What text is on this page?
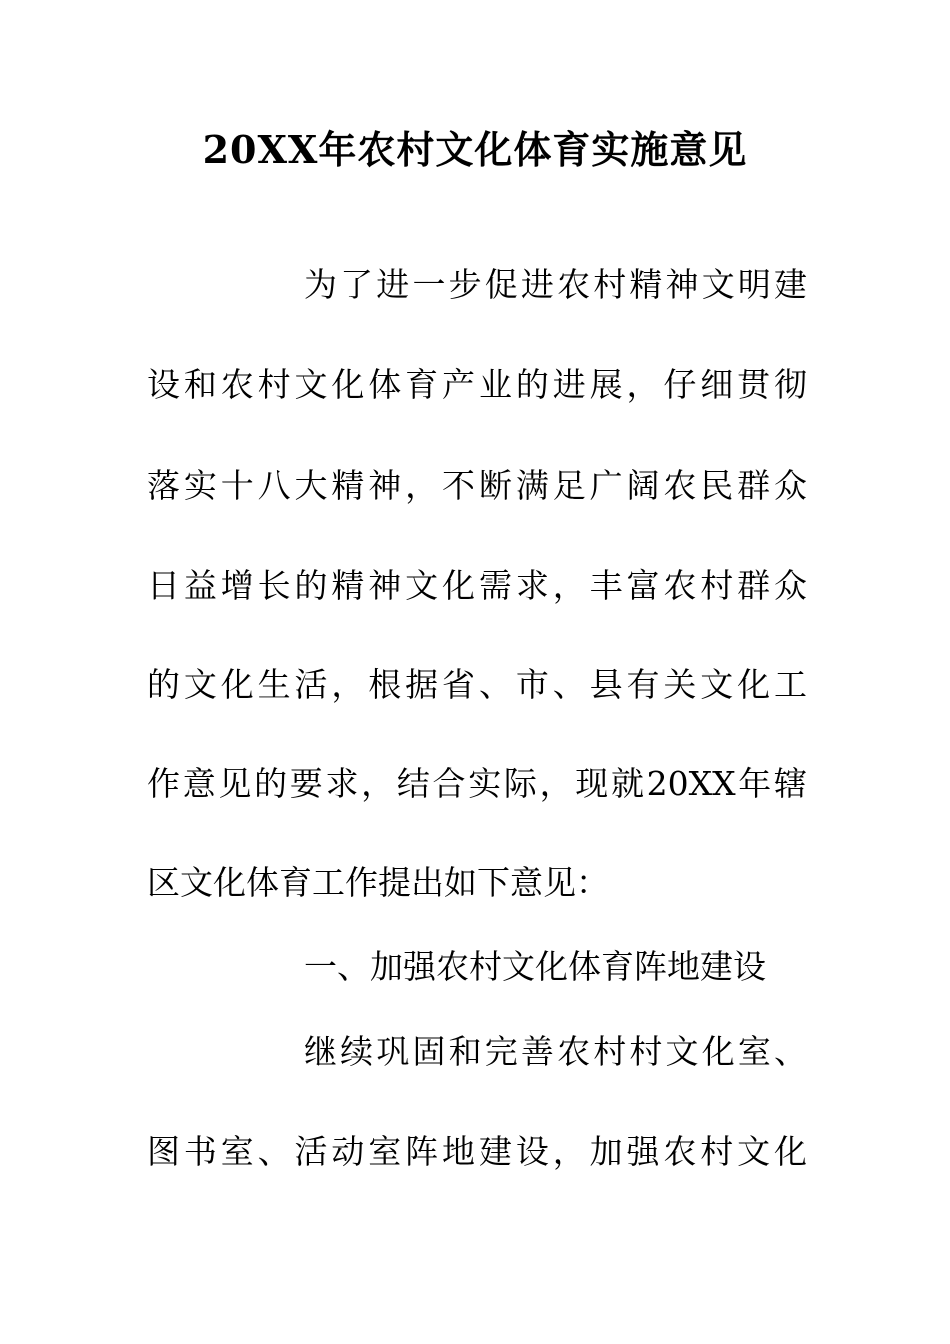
20XX年农村文化体育实施意见
为了进一步促进农村精神文明建
设和农村文化体育产业的进展，仔细贯彻
落实十八大精神，不断满足广阔农民群众
日益增长的精神文化需求，丰富农村群众
的文化生活，根据省、市、县有关文化工
作意见的要求，结合实际，现就20XX年辖
区文化体育工作提出如下意见：
一、加强农村文化体育阵地建设
继续巩固和完善农村村文化室、
图书室、活动室阵地建设，加强农村文化
